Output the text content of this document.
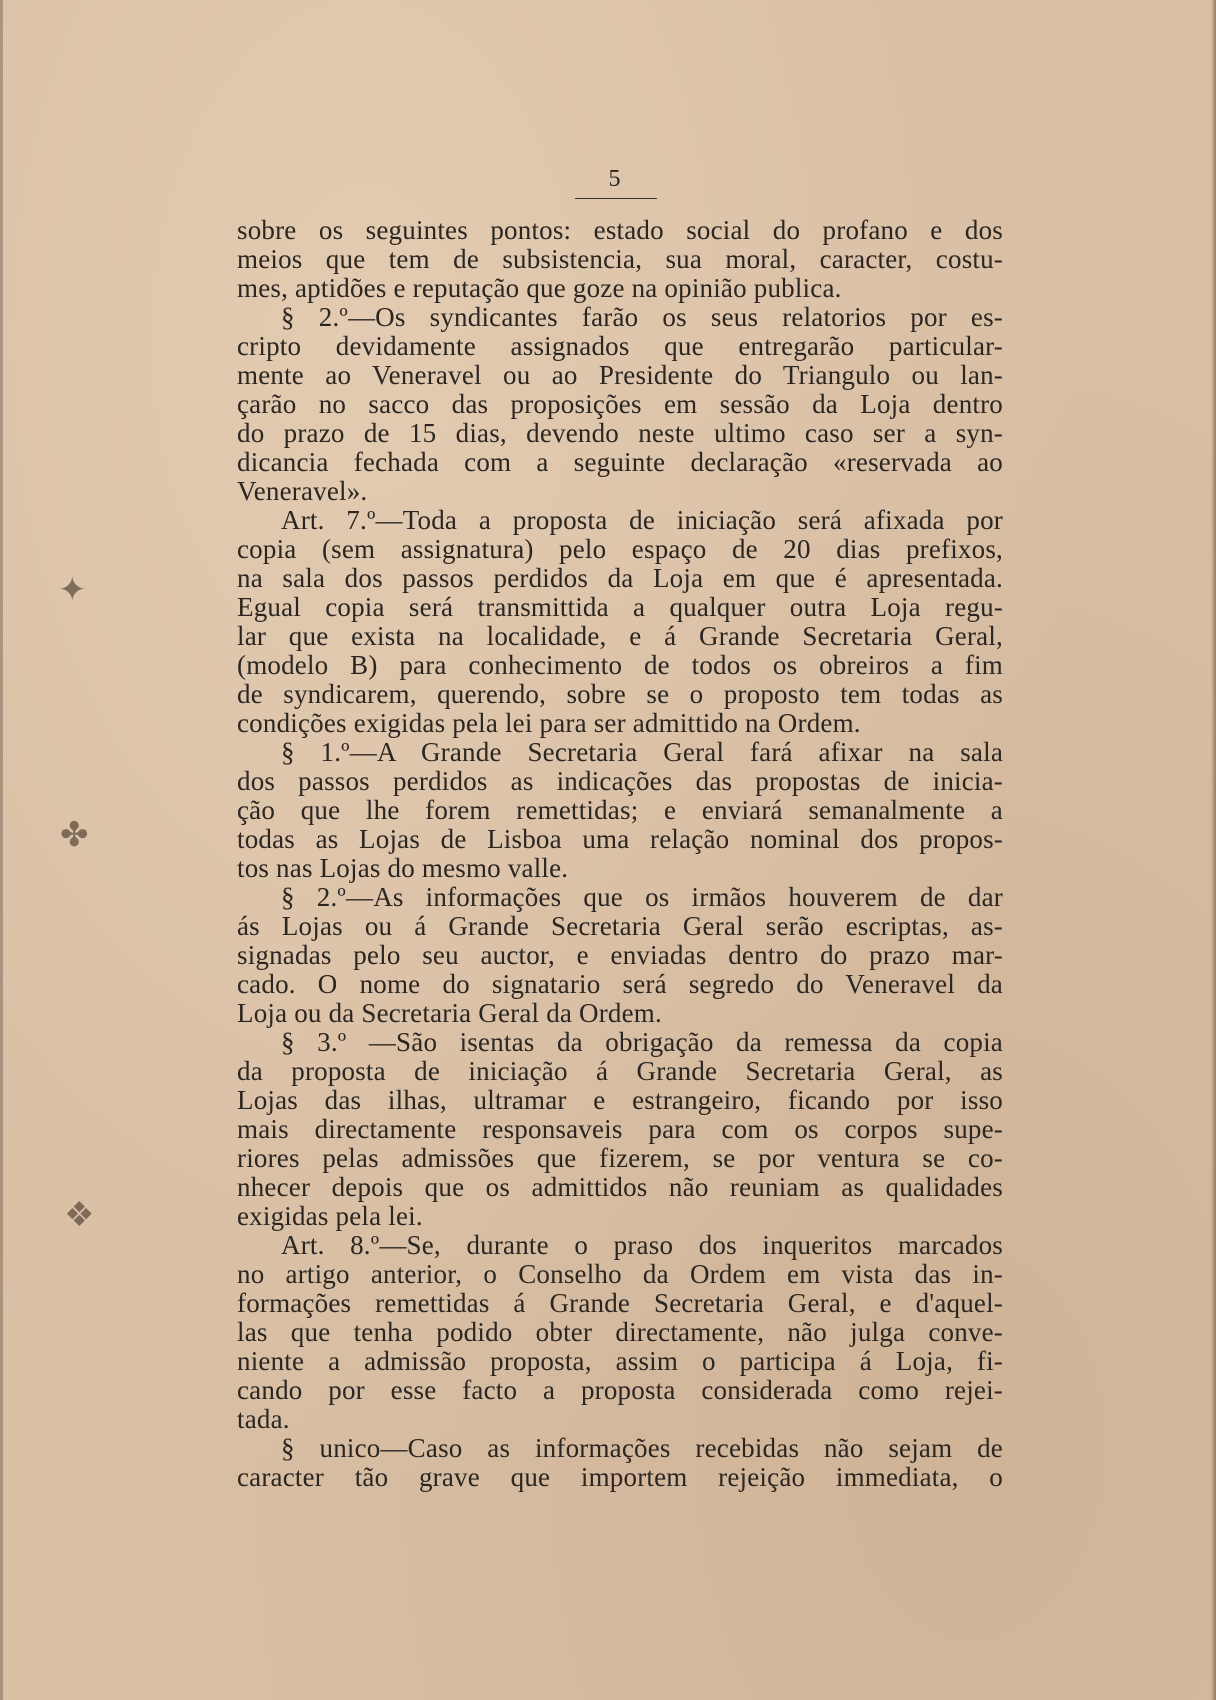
5
✦
✤
❖
sobre os seguintes pontos: estado social do profano e dos
meios que tem de subsistencia, sua moral, caracter, costu-
mes, aptidões e reputação que goze na opinião publica.
§ 2.º—Os syndicantes farão os seus relatorios por es-
cripto devidamente assignados que entregarão particular-
mente ao Veneravel ou ao Presidente do Triangulo ou lan-
çarão no sacco das proposições em sessão da Loja dentro
do prazo de 15 dias, devendo neste ultimo caso ser a syn-
dicancia fechada com a seguinte declaração «reservada ao
Veneravel».
Art. 7.º—Toda a proposta de iniciação será afixada por
copia (sem assignatura) pelo espaço de 20 dias prefixos,
na sala dos passos perdidos da Loja em que é apresentada.
Egual copia será transmittida a qualquer outra Loja regu-
lar que exista na localidade, e á Grande Secretaria Geral,
(modelo B) para conhecimento de todos os obreiros a fim
de syndicarem, querendo, sobre se o proposto tem todas as
condições exigidas pela lei para ser admittido na Ordem.
§ 1.º—A Grande Secretaria Geral fará afixar na sala
dos passos perdidos as indicações das propostas de inicia-
ção que lhe forem remettidas; e enviará semanalmente a
todas as Lojas de Lisboa uma relação nominal dos propos-
tos nas Lojas do mesmo valle.
§ 2.º—As informações que os irmãos houverem de dar
ás Lojas ou á Grande Secretaria Geral serão escriptas, as-
signadas pelo seu auctor, e enviadas dentro do prazo mar-
cado. O nome do signatario será segredo do Veneravel da
Loja ou da Secretaria Geral da Ordem.
§ 3.º —São isentas da obrigação da remessa da copia
da proposta de iniciação á Grande Secretaria Geral, as
Lojas das ilhas, ultramar e estrangeiro, ficando por isso
mais directamente responsaveis para com os corpos supe-
riores pelas admissões que fizerem, se por ventura se co-
nhecer depois que os admittidos não reuniam as qualidades
exigidas pela lei.
Art. 8.º—Se, durante o praso dos inqueritos marcados
no artigo anterior, o Conselho da Ordem em vista das in-
formações remettidas á Grande Secretaria Geral, e d'aquel-
las que tenha podido obter directamente, não julga conve-
niente a admissão proposta, assim o participa á Loja, fi-
cando por esse facto a proposta considerada como rejei-
tada.
§ unico—Caso as informações recebidas não sejam de
caracter tão grave que importem rejeição immediata, o
